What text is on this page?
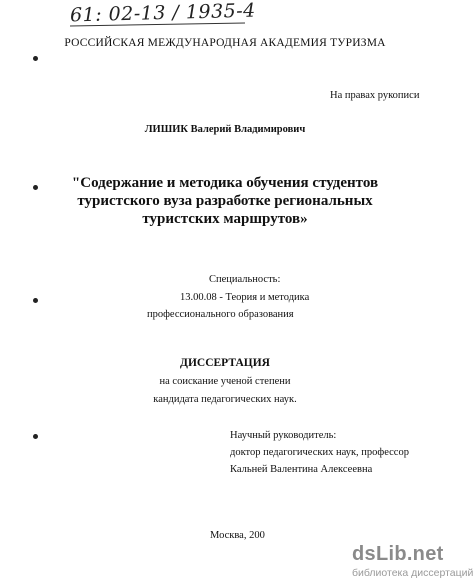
61: 02-13 / 1935-4
РОССИЙСКАЯ МЕЖДУНАРОДНАЯ АКАДЕМИЯ ТУРИЗМА
На правах рукописи
ЛИШИК Валерий Владимирович
"Содержание и методика обучения студентов
туристского вуза разработке региональных
туристских маршрутов»
Специальность:
13.00.08 - Теория и методика
профессионального образования
ДИССЕРТАЦИЯ
на соискание ученой степени
кандидата педагогических наук.
Научный руководитель:
доктор педагогических наук, профессор
Кальней Валентина Алексеевна
Москва, 200
dsLib.net
библиотека диссертаций
